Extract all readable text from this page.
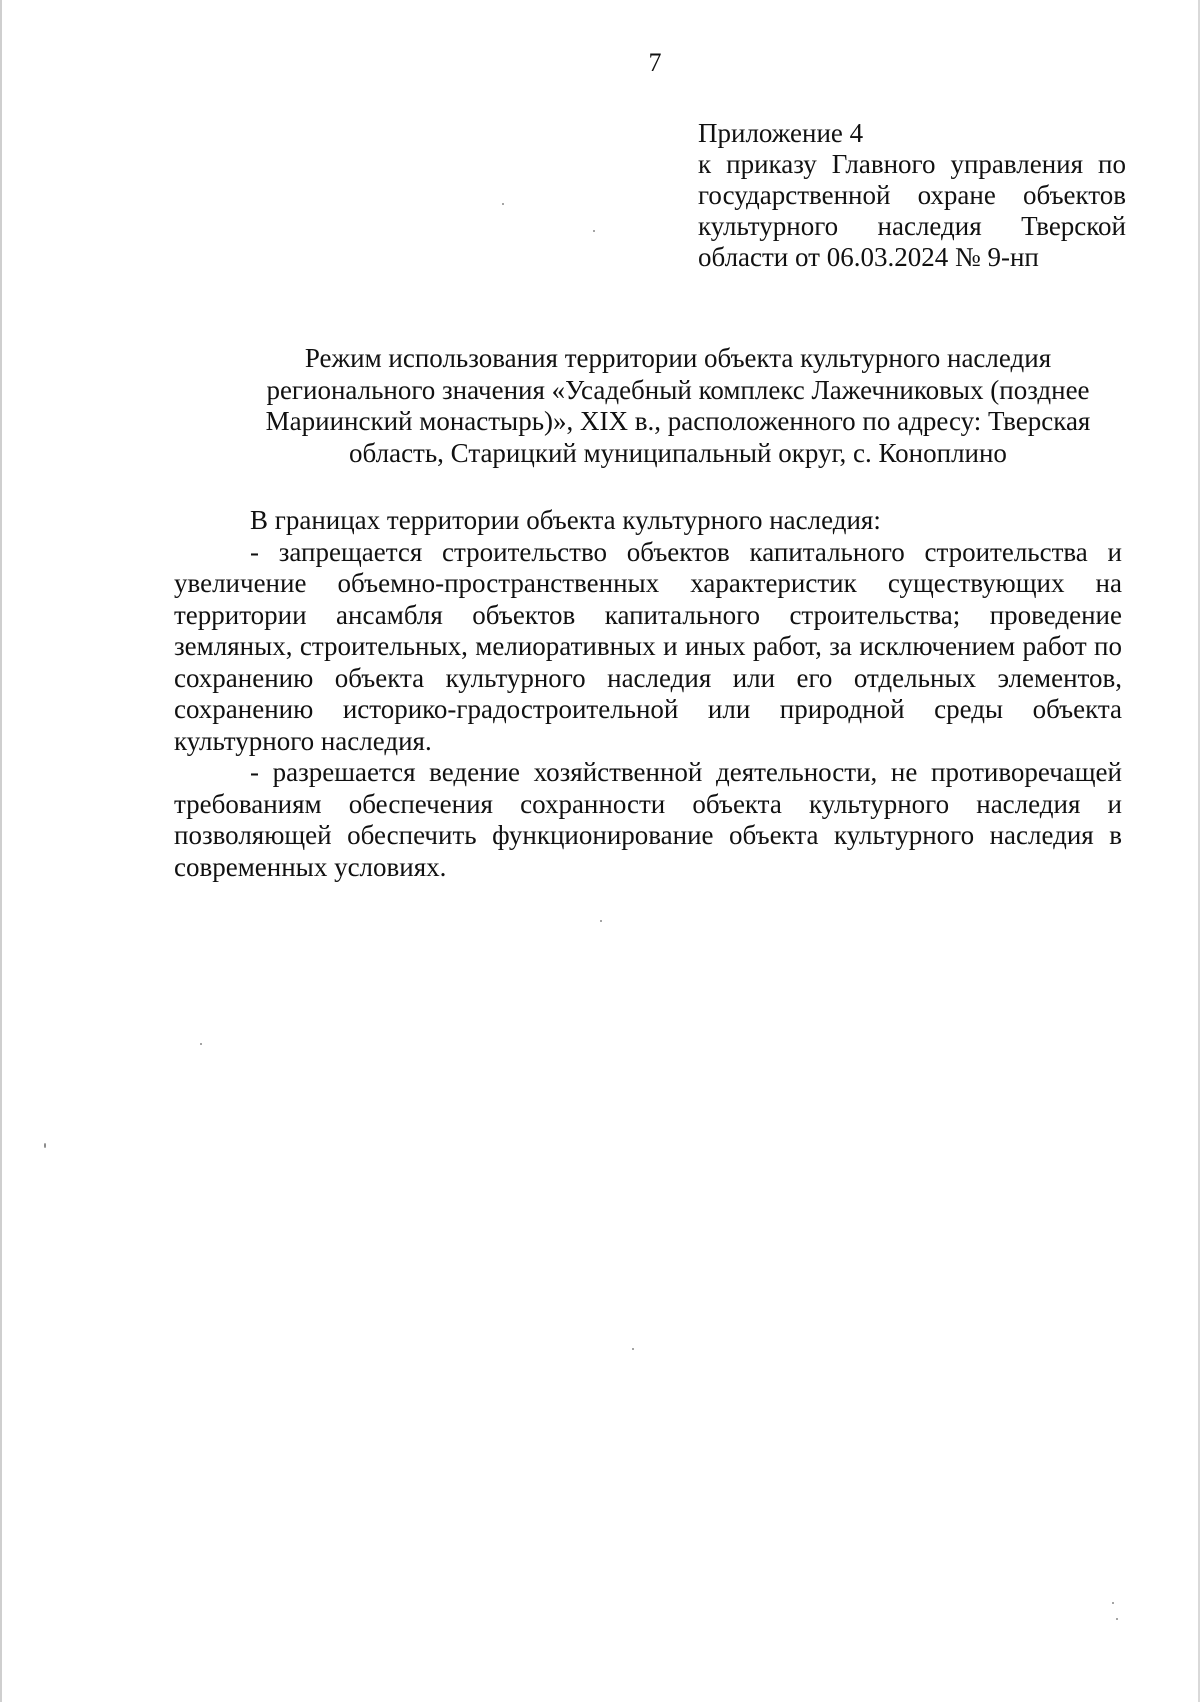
7
Приложение 4
к приказу Главного управления по государственной охране объектов культурного наследия Тверской области от 06.03.2024 № 9-нп
Режим использования территории объекта культурного наследия регионального значения «Усадебный комплекс Лажечниковых (позднее Мариинский монастырь)», XIX в., расположенного по адресу: Тверская область, Старицкий муниципальный округ, с. Коноплино

В границах территории объекта культурного наследия:

- запрещается строительство объектов капитального строительства и увеличение объемно-пространственных характеристик существующих на территории ансамбля объектов капитального строительства; проведение земляных, строительных, мелиоративных и иных работ, за исключением работ по сохранению объекта культурного наследия или его отдельных элементов, сохранению историко-градостроительной или природной среды объекта культурного наследия.

- разрешается ведение хозяйственной деятельности, не противоречащей требованиям обеспечения сохранности объекта культурного наследия и позволяющей обеспечить функционирование объекта культурного наследия в современных условиях.
